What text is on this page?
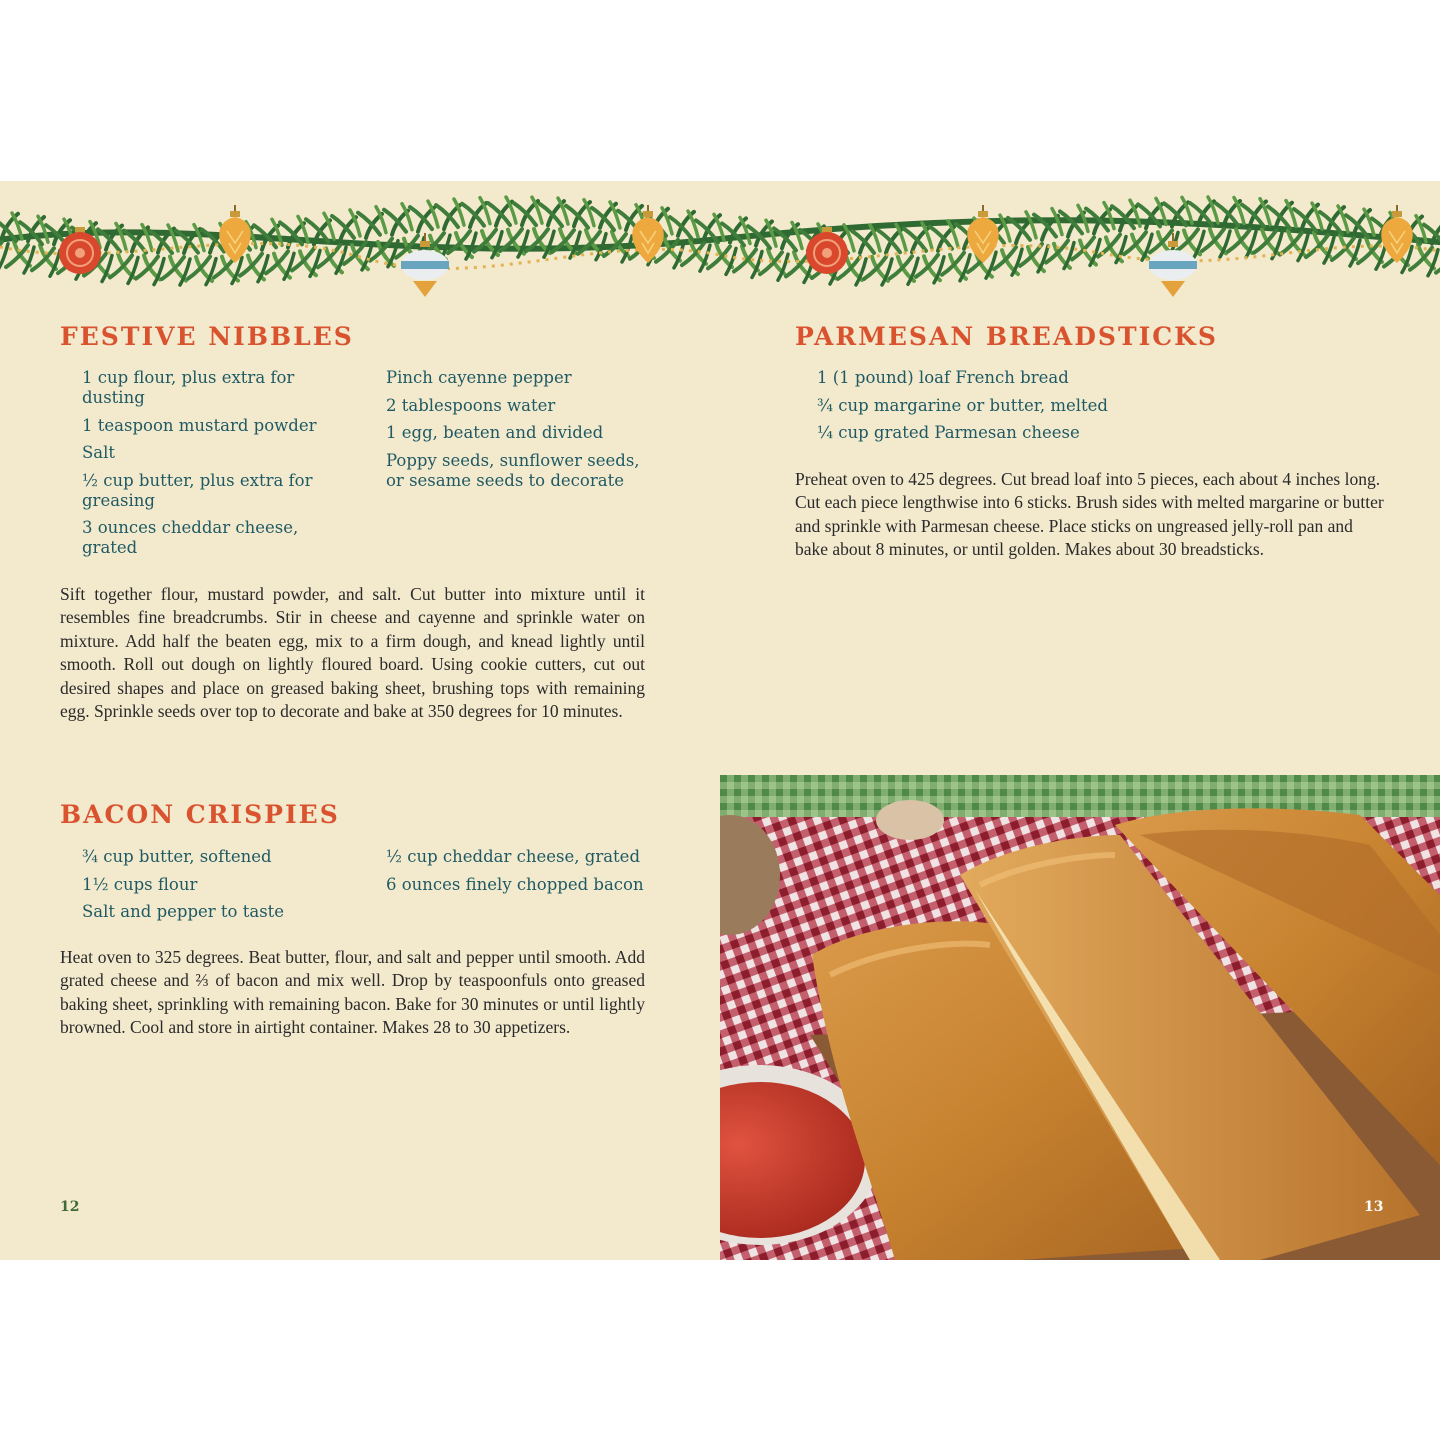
FESTIVE NIBBLES
1 cup flour, plus extra for dusting
1 teaspoon mustard powder
Salt
½ cup butter, plus extra for greasing
3 ounces cheddar cheese, grated
Pinch cayenne pepper
2 tablespoons water
1 egg, beaten and divided
Poppy seeds, sunflower seeds, or sesame seeds to decorate

Sift together flour, mustard powder, and salt. Cut butter into mixture until it resembles fine breadcrumbs. Stir in cheese and cayenne and sprinkle water on mixture. Add half the beaten egg, mix to a firm dough, and knead lightly until smooth. Roll out dough on lightly floured board. Using cookie cutters, cut out desired shapes and place on greased baking sheet, brushing tops with remaining egg. Sprinkle seeds over top to decorate and bake at 350 degrees for 10 minutes.

BACON CRISPIES
¾ cup butter, softened
1½ cups flour
Salt and pepper to taste
½ cup cheddar cheese, grated
6 ounces finely chopped bacon

Heat oven to 325 degrees. Beat butter, flour, and salt and pepper until smooth. Add grated cheese and ⅔ of bacon and mix well. Drop by teaspoonfuls onto greased baking sheet, sprinkling with remaining bacon. Bake for 30 minutes or until lightly browned. Cool and store in airtight container. Makes 28 to 30 appetizers.

12
PARMESAN BREADSTICKS
1 (1 pound) loaf French bread
¾ cup margarine or butter, melted
¼ cup grated Parmesan cheese

Preheat oven to 425 degrees. Cut bread loaf into 5 pieces, each about 4 inches long. Cut each piece lengthwise into 6 sticks. Brush sides with melted margarine or butter and sprinkle with Parmesan cheese. Place sticks on ungreased jelly-roll pan and bake about 8 minutes, or until golden. Makes about 30 breadsticks.

13
